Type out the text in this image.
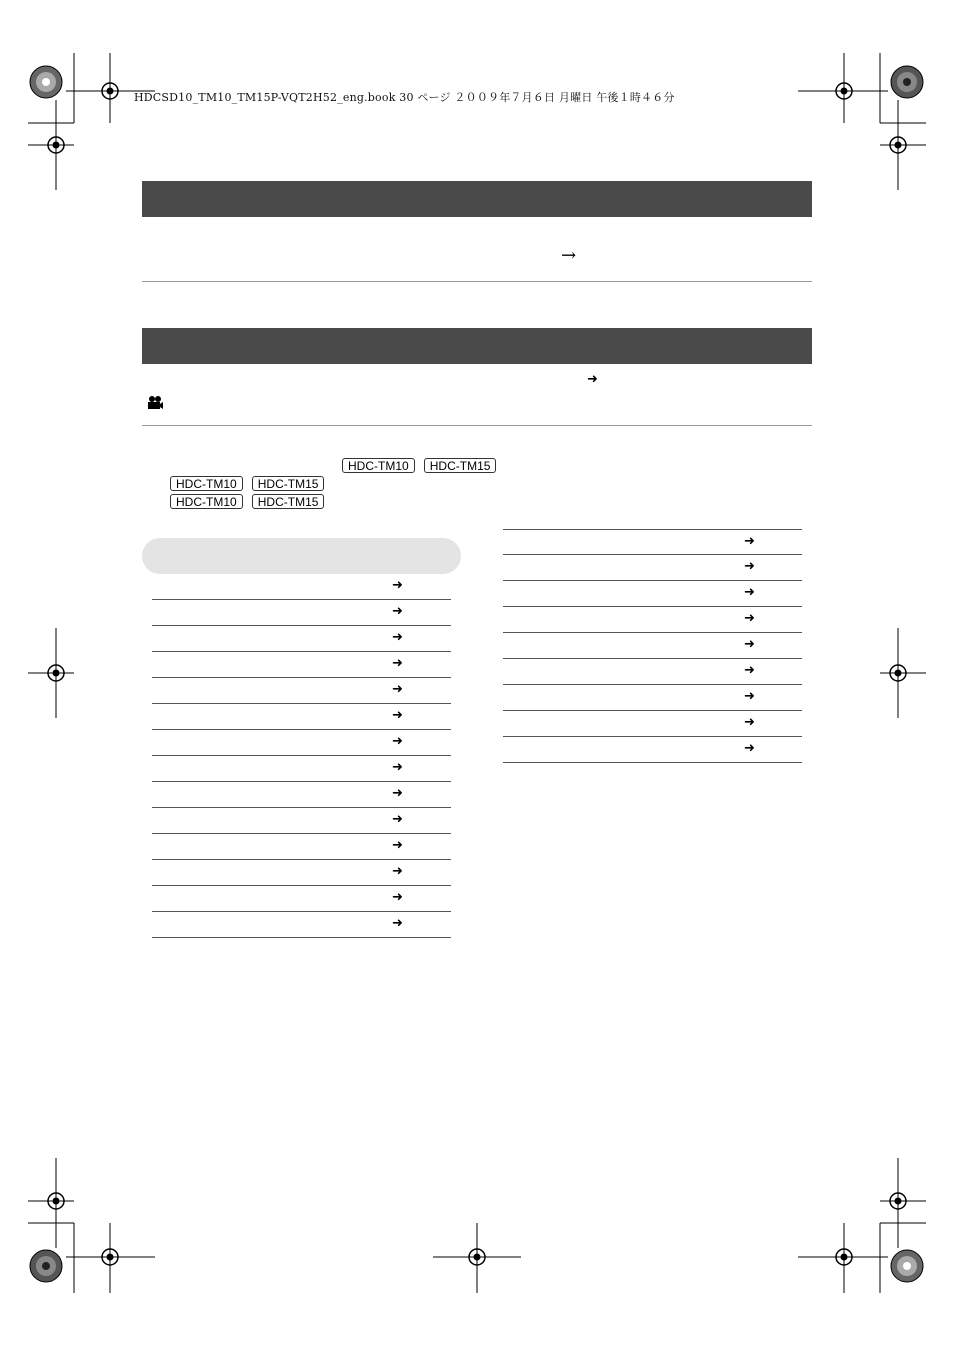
HDCSD10_TM10_TM15P-VQT2H52_eng.book 30 ページ ２００９年７月６日 月曜日 午後１時４６分
→
➜
HDC-TM10 HDC-TM15
HDC-TM10 HDC-TM15
HDC-TM10 HDC-TM15
➜
➜
➜
➜
➜
➜
➜
➜
➜
➜
➜
➜
➜
➜
➜
➜
➜
➜
➜
➜
➜
➜
➜
